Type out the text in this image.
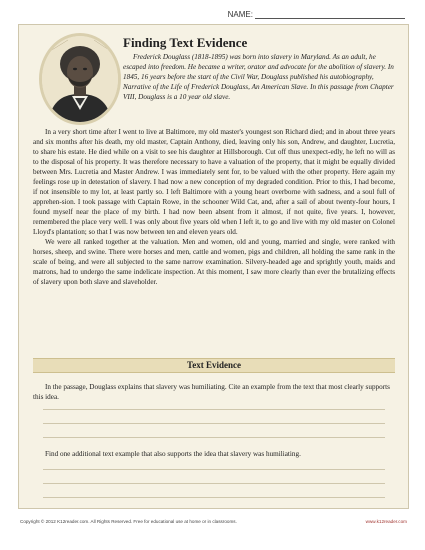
NAME:
Finding Text Evidence

Frederick Douglass (1818-1895) was born into slavery in Maryland. As an adult, he escaped into freedom. He became a writer, orator and advocate for the abolition of slavery. In 1845, 16 years before the start of the Civil War, Douglass published his autobiography, Narrative of the Life of Frederick Douglass, An American Slave. In this passage from Chapter VIII, Douglass is a 10 year old slave.

In a very short time after I went to live at Baltimore, my old master's youngest son Richard died; and in about three years and six months after his death, my old master, Captain Anthony, died, leaving only his son, Andrew, and daughter, Lucretia, to share his estate. He died while on a visit to see his daughter at Hillsborough. Cut off thus unexpect-edly, he left no will as to the disposal of his property. It was therefore necessary to have a valuation of the property, that it might be equally divided between Mrs. Lucretia and Master Andrew. I was immediately sent for, to be valued with the other property. Here again my feelings rose up in detestation of slavery. I had now a new conception of my degraded condition. Prior to this, I had become, if not insensible to my lot, at least partly so. I left Baltimore with a young heart overborne with sadness, and a soul full of apprehen-sion. I took passage with Captain Rowe, in the schooner Wild Cat, and, after a sail of about twenty-four hours, I found myself near the place of my birth. I had now been absent from it almost, if not quite, five years. I, however, remembered the place very well. I was only about five years old when I left it, to go and live with my old master on Colonel Lloyd's plantation; so that I was now between ten and eleven years old.

We were all ranked together at the valuation. Men and women, old and young, married and single, were ranked with horses, sheep, and swine. There were horses and men, cattle and women, pigs and children, all holding the same rank in the scale of being, and were all subjected to the same narrow examination. Silvery-headed age and sprightly youth, maids and matrons, had to undergo the same indelicate inspection. At this moment, I saw more clearly than ever the brutalizing effects of slavery upon both slave and slaveholder.

Text Evidence

In the passage, Douglass explains that slavery was humiliating. Cite an example from the text that most clearly supports this idea.

Find one additional text example that also supports the idea that slavery was humiliating.

Copyright © 2012 K12reader.com. All Rights Reserved. Free for educational use at home or in classrooms.	www.k12reader.com
